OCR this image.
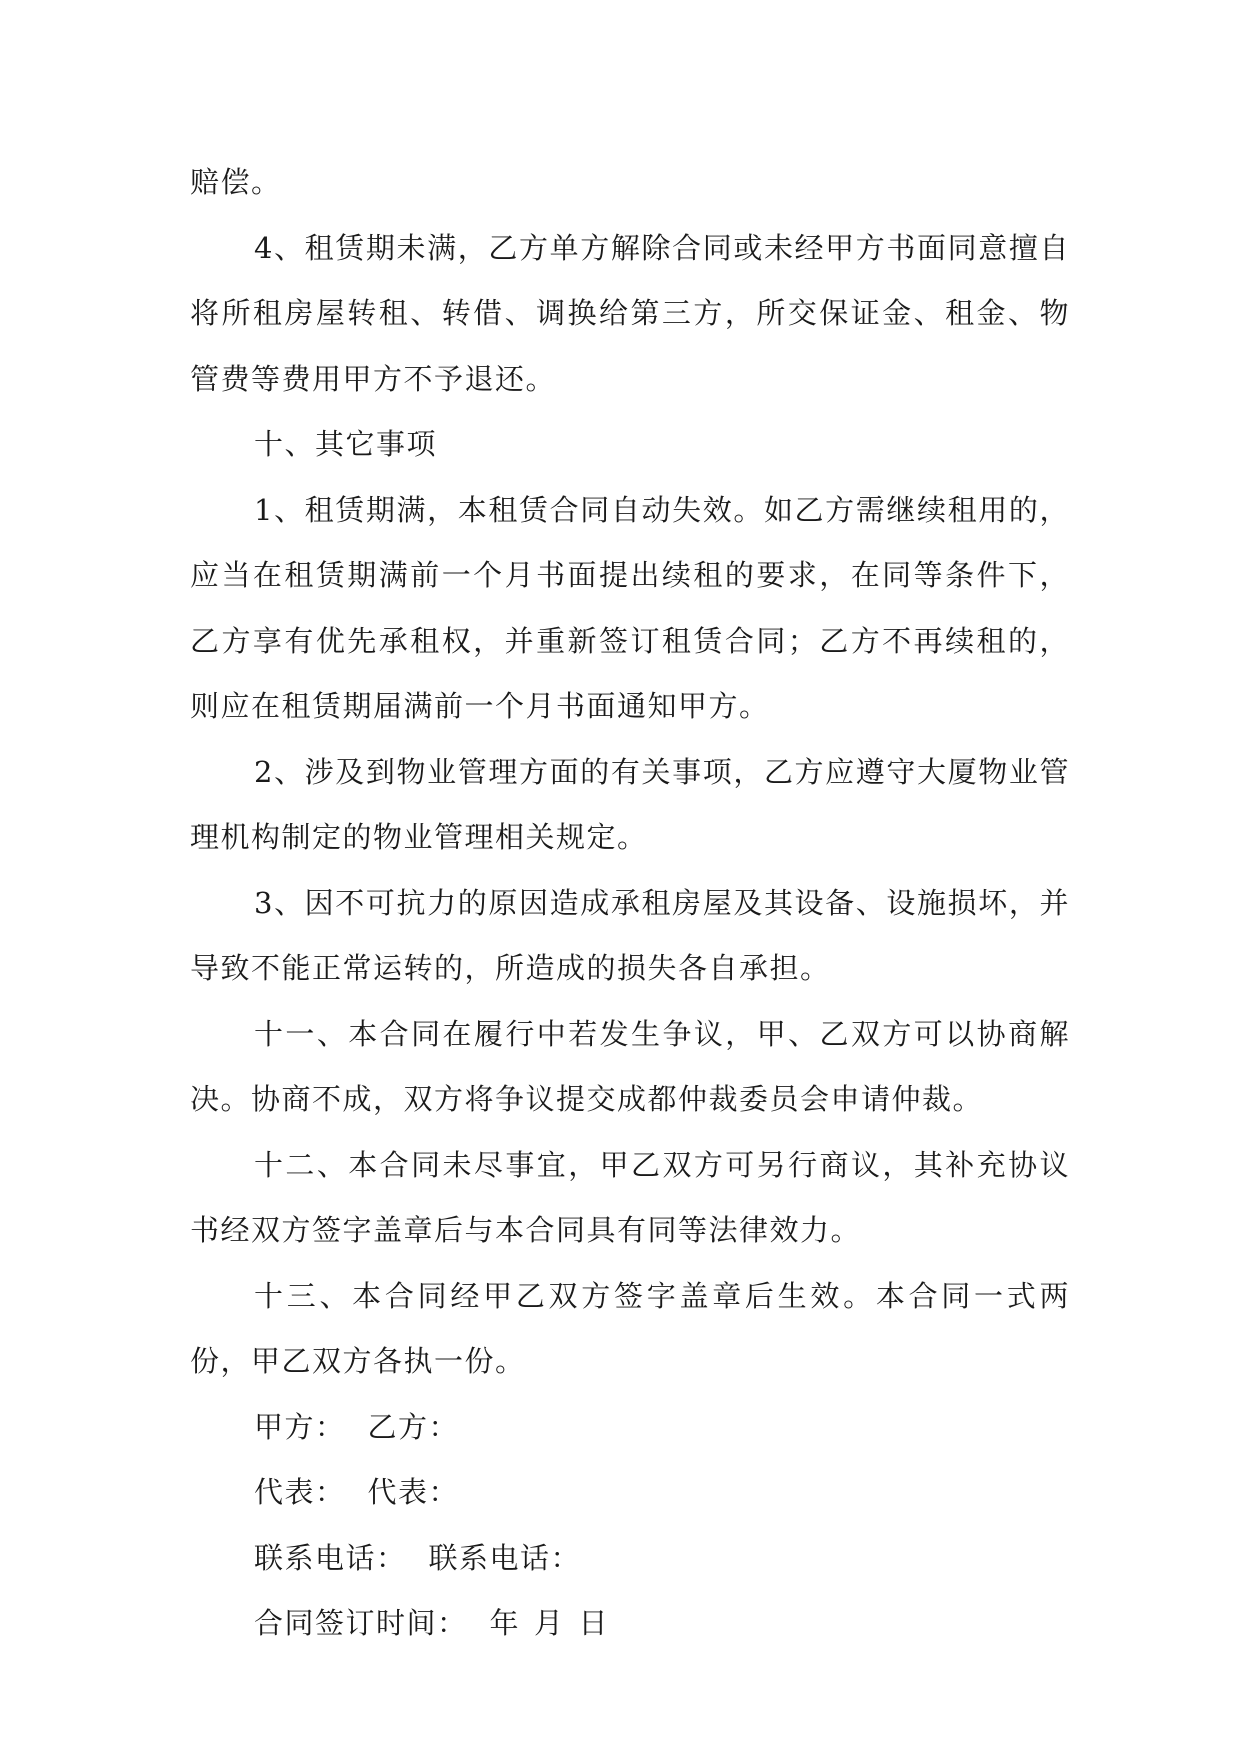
赔偿。

4、租赁期未满，乙方单方解除合同或未经甲方书面同意擅自将所租房屋转租、转借、调换给第三方，所交保证金、租金、物管费等费用甲方不予退还。

十、其它事项

1、租赁期满，本租赁合同自动失效。如乙方需继续租用的，应当在租赁期满前一个月书面提出续租的要求，在同等条件下，乙方享有优先承租权，并重新签订租赁合同；乙方不再续租的，则应在租赁期届满前一个月书面通知甲方。

2、涉及到物业管理方面的有关事项，乙方应遵守大厦物业管理机构制定的物业管理相关规定。

3、因不可抗力的原因造成承租房屋及其设备、设施损坏，并导致不能正常运转的，所造成的损失各自承担。

十一、本合同在履行中若发生争议，甲、乙双方可以协商解决。协商不成，双方将争议提交成都仲裁委员会申请仲裁。

十二、本合同未尽事宜，甲乙双方可另行商议，其补充协议书经双方签字盖章后与本合同具有同等法律效力。

十三、本合同经甲乙双方签字盖章后生效。本合同一式两份，甲乙双方各执一份。

甲方： 乙方：

代表： 代表：

联系电话： 联系电话：

合同签订时间： 年 月 日
